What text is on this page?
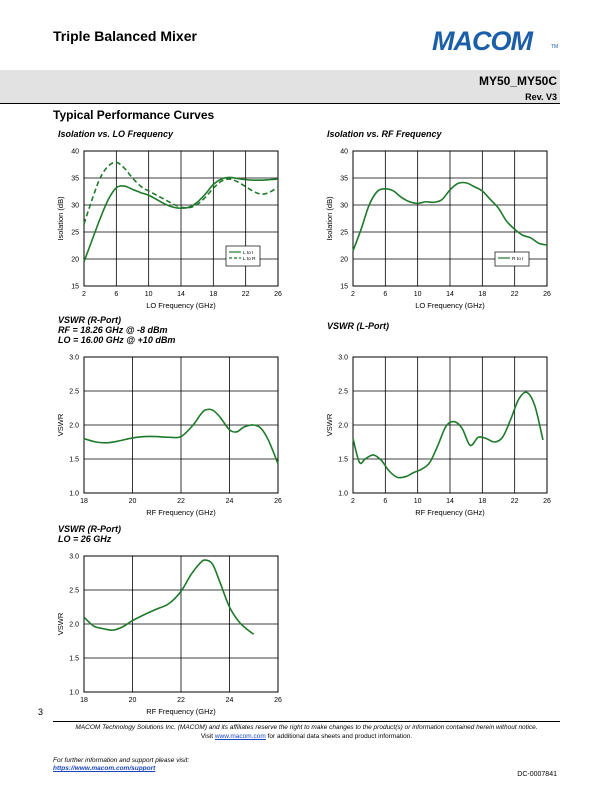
Triple Balanced Mixer	MACOM	TM
MY50_MY50C
Rev. V3
Typical Performance Curves
Isolation vs. LO Frequency	Isolation vs. RF Frequency
VSWR (R-Port)
RF = 18.26 GHz @ -8 dBm
LO = 16.00 GHz @ +10 dBm
VSWR (L-Port)
VSWR (R-Port)
LO = 26 GHz
2	6	10	14	18	22	26
15
20
25
30
35
40
LO Frequency (GHz)
Isolation (dB)
L to I
L to R
2	6	10	14	18	22	26
15
20
25
30
35
40
LO Frequency (GHz)
Isolation (dB)
R to I
18	20	22	24	26
1.0
1.5
2.0
2.5
3.0
RF Frequency (GHz)
VSWR
2	6	10	14	18	22	26
1.0
1.5
2.0
2.5
3.0
RF Frequency (GHz)
VSWR
18	20	22	24	26
1.0
1.5
2.0
2.5
3.0
RF Frequency (GHz)
VSWR
3
MACOM Technology Solutions Inc. (MACOM) and its affiliates reserve the right to make changes to the product(s) or information contained herein without notice.
Visit www.macom.com for additional data sheets and product information.
For further information and support please visit:
https://www.macom.com/support
DC-0007841
